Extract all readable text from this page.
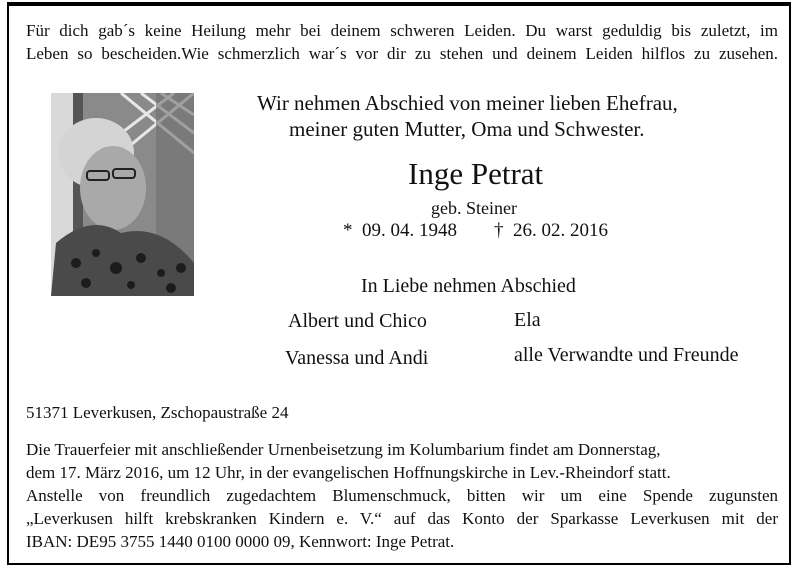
Für dich gab´s keine Heilung mehr bei deinem schweren Leiden. Du warst geduldig bis zuletzt, im
Leben so bescheiden.Wie schmerzlich war´s vor dir zu stehen und deinem Leiden hilflos zu zusehen.
Wir nehmen Abschied von meiner lieben Ehefrau,
meiner guten Mutter, Oma und Schwester.
Inge Petrat
geb. Steiner
*  09. 04. 1948 †  26. 02. 2016
In Liebe nehmen Abschied
Albert und Chico
Vanessa und Andi
Ela
alle Verwandte und Freunde
51371 Leverkusen, Zschopaustraße 24
Die Trauerfeier mit anschließender Urnenbeisetzung im Kolumbarium findet am Donnerstag,
dem 17. März 2016, um 12 Uhr, in der evangelischen Hoffnungskirche in Lev.-Rheindorf statt.
Anstelle von freundlich zugedachtem Blumenschmuck, bitten wir um eine Spende zugunsten
„Leverkusen hilft krebskranken Kindern e. V.“ auf das Konto der Sparkasse Leverkusen mit der
IBAN: DE95 3755 1440 0100 0000 09, Kennwort: Inge Petrat.
